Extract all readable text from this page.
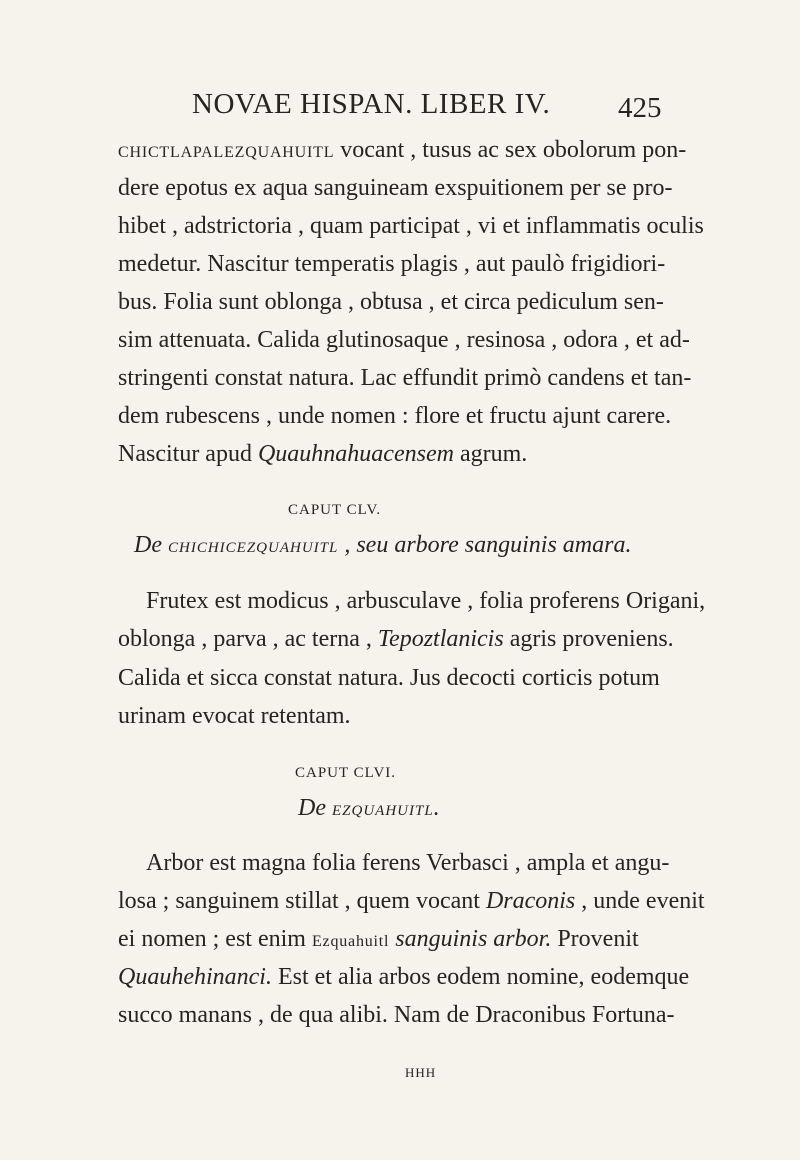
NOVAE HISPAN. LIBER IV. 425
CHICTLAPALEZQUAHUITL vocant , tusus ac sex obolorum pon-
dere epotus ex aqua sanguineam exspuitionem per se pro-
hibet , adstrictoria , quam participat , vi et inflammatis oculis
medetur. Nascitur temperatis plagis , aut paulò frigidiori-
bus. Folia sunt oblonga , obtusa , et circa pediculum sen-
sim attenuata. Calida glutinosaque , resinosa , odora , et ad-
stringenti constat natura. Lac effundit primò candens et tan-
dem rubescens , unde nomen : flore et fructu ajunt carere.
Nascitur apud Quauhnahuacensem agrum.
CAPUT CLV.
De CHICHICEZQUAHUITL , seu arbore sanguinis amara.
Frutex est modicus , arbusculave , folia proferens Origani,
oblonga , parva , ac terna , Tepoztlanicis agris proveniens.
Calida et sicca constat natura. Jus decocti corticis potum
urinam evocat retentam.
CAPUT CLVI.
De EZQUAHUITL.
Arbor est magna folia ferens Verbasci , ampla et angu-
losa ; sanguinem stillat , quem vocant Draconis , unde evenit
ei nomen ; est enim Ezquahuitl sanguinis arbor. Provenit
Quauhehinanci. Est et alia arbos eodem nomine, eodemque
succo manans , de qua alibi. Nam de Draconibus Fortuna-
HHH
